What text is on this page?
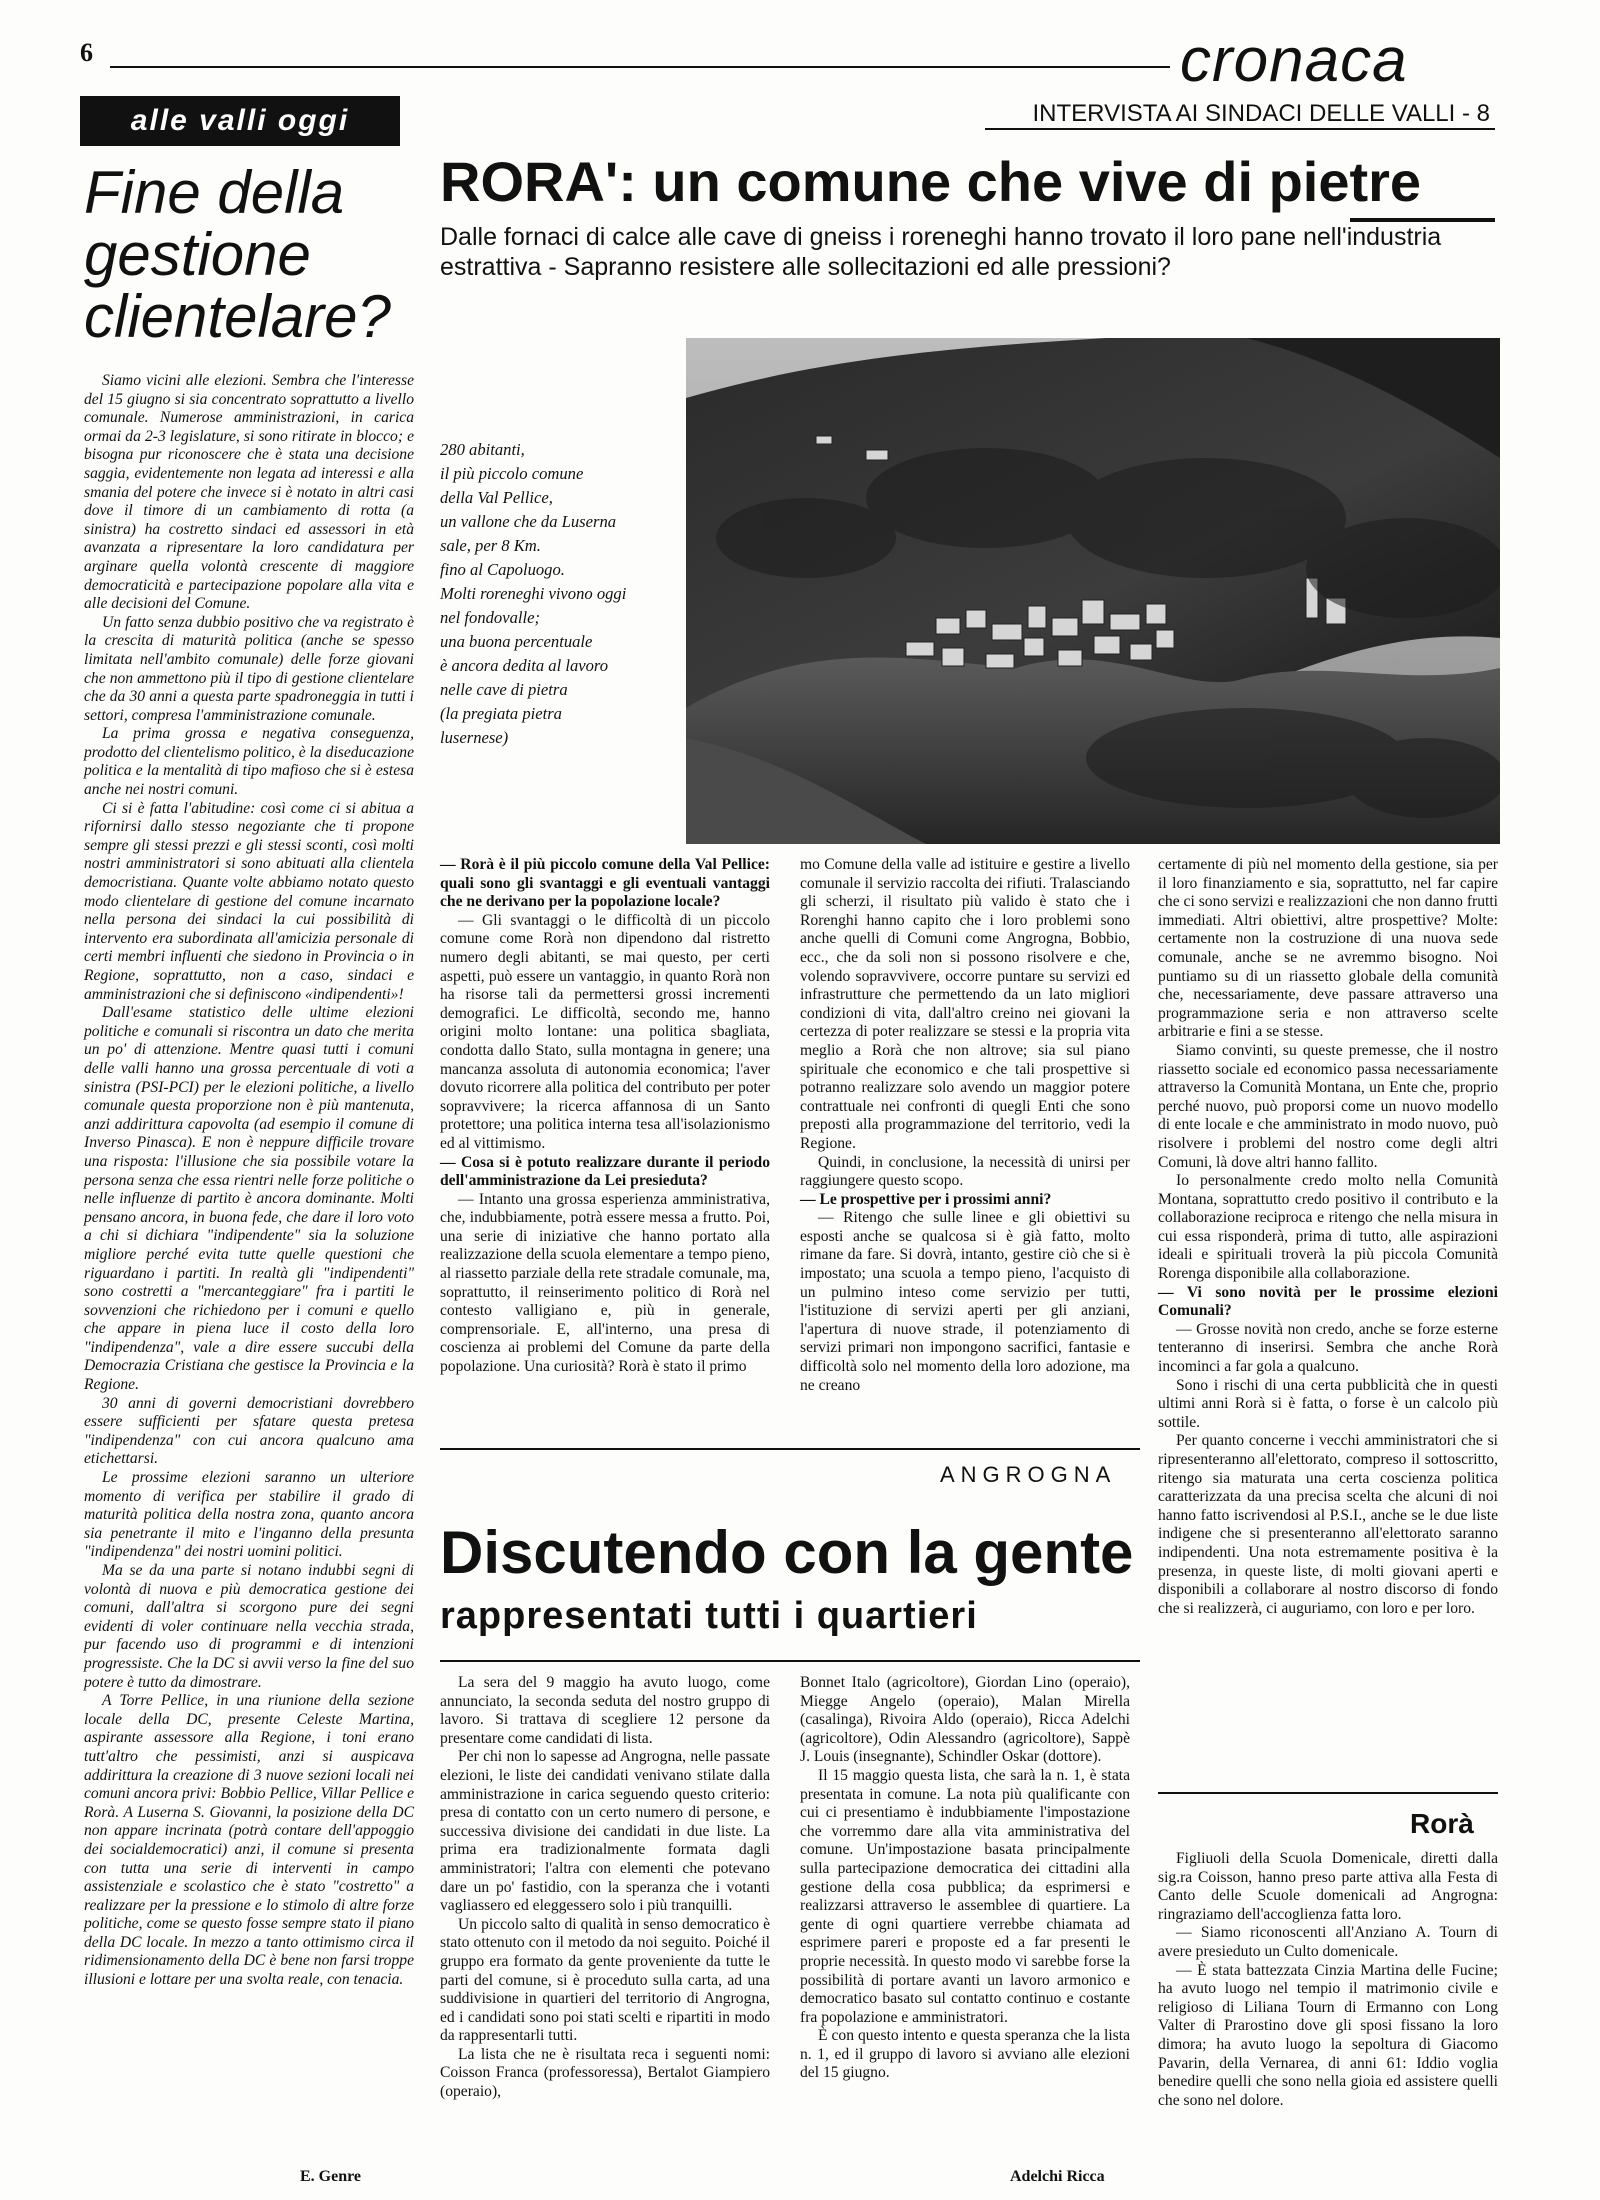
6	cronaca
INTERVISTA AI SINDACI DELLE VALLI - 8
alle valli oggi
Fine della gestione clientelare?

Siamo vicini alle elezioni. Sembra che l'interesse del 15 giugno si sia concentrato soprattutto a livello comunale. Numerose amministrazioni, in carica ormai da 2-3 legislature, si sono ritirate in blocco; e bisogna pur riconoscere che è stata una decisione saggia, evidentemente non legata ad interessi e alla smania del potere che invece si è notato in altri casi dove il timore di un cambiamento di rotta (a sinistra) ha costretto sindaci ed assessori in età avanzata a ripresentare la loro candidatura per arginare quella volontà crescente di maggiore democraticità e partecipazione popolare alla vita e alle decisioni del Comune.

Un fatto senza dubbio positivo che va registrato è la crescita di maturità politica (anche se spesso limitata nell'ambito comunale) delle forze giovani che non ammettono più il tipo di gestione clientelare che da 30 anni a questa parte spadroneggia in tutti i settori, compresa l'amministrazione comunale.

La prima grossa e negativa conseguenza, prodotto del clientelismo politico, è la diseducazione politica e la mentalità di tipo mafioso che si è estesa anche nei nostri comuni.

Ci si è fatta l'abitudine: così come ci si abitua a rifornirsi dallo stesso negoziante che ti propone sempre gli stessi prezzi e gli stessi sconti, così molti nostri amministratori si sono abituati alla clientela democristiana. Quante volte abbiamo notato questo modo clientelare di gestione del comune incarnato nella persona dei sindaci la cui possibilità di intervento era subordinata all'amicizia personale di certi membri influenti che siedono in Provincia o in Regione, soprattutto, non a caso, sindaci e amministrazioni che si definiscono «indipendenti»!

Dall'esame statistico delle ultime elezioni politiche e comunali si riscontra un dato che merita un po' di attenzione. Mentre quasi tutti i comuni delle valli hanno una grossa percentuale di voti a sinistra (PSI-PCI) per le elezioni politiche, a livello comunale questa proporzione non è più mantenuta, anzi addirittura capovolta (ad esempio il comune di Inverso Pinasca). E non è neppure difficile trovare una risposta: l'illusione che sia possibile votare la persona senza che essa rientri nelle forze politiche o nelle influenze di partito è ancora dominante. Molti pensano ancora, in buona fede, che dare il loro voto a chi si dichiara "indipendente" sia la soluzione migliore perché evita tutte quelle questioni che riguardano i partiti. In realtà gli "indipendenti" sono costretti a "mercanteggiare" fra i partiti le sovvenzioni che richiedono per i comuni e quello che appare in piena luce il costo della loro "indipendenza", vale a dire essere succubi della Democrazia Cristiana che gestisce la Provincia e la Regione.

30 anni di governi democristiani dovrebbero essere sufficienti per sfatare questa pretesa "indipendenza" con cui ancora qualcuno ama etichettarsi.

Le prossime elezioni saranno un ulteriore momento di verifica per stabilire il grado di maturità politica della nostra zona, quanto ancora sia penetrante il mito e l'inganno della presunta "indipendenza" dei nostri uomini politici.

Ma se da una parte si notano indubbi segni di volontà di nuova e più democratica gestione dei comuni, dall'altra si scorgono pure dei segni evidenti di voler continuare nella vecchia strada, pur facendo uso di programmi e di intenzioni progressiste. Che la DC si avvii verso la fine del suo potere è tutto da dimostrare.

A Torre Pellice, in una riunione della sezione locale della DC, presente Celeste Martina, aspirante assessore alla Regione, i toni erano tutt'altro che pessimisti, anzi si auspicava addirittura la creazione di 3 nuove sezioni locali nei comuni ancora privi: Bobbio Pellice, Villar Pellice e Rorà. A Luserna S. Giovanni, la posizione della DC non appare incrinata (potrà contare dell'appoggio dei socialdemocratici) anzi, il comune si presenta con tutta una serie di interventi in campo assistenziale e scolastico che è stato "costretto" a realizzare per la pressione e lo stimolo di altre forze politiche, come se questo fosse sempre stato il piano della DC locale. In mezzo a tanto ottimismo circa il ridimensionamento della DC è bene non farsi troppe illusioni e lottare per una svolta reale, con tenacia.

E. Genre
RORA': un comune che vive di pietre
Dalle fornaci di calce alle cave di gneiss i roreneghi hanno trovato il loro pane nell'industria estrattiva - Sapranno resistere alle sollecitazioni ed alle pressioni?
280 abitanti,
il più piccolo comune
della Val Pellice,
un vallone che da Luserna
sale, per 8 Km.
fino al Capoluogo.
Molti roreneghi vivono oggi
nel fondovalle;
una buona percentuale
è ancora dedita al lavoro
nelle cave di pietra
(la pregiata pietra
lusernese)

— Rorà è il più piccolo comune della Val Pellice: quali sono gli svantaggi e gli eventuali vantaggi che ne derivano per la popolazione locale?

— Gli svantaggi o le difficoltà di un piccolo comune come Rorà non dipendono dal ristretto numero degli abitanti, se mai questo, per certi aspetti, può essere un vantaggio, in quanto Rorà non ha risorse tali da permettersi grossi incrementi demografici. Le difficoltà, secondo me, hanno origini molto lontane: una politica sbagliata, condotta dallo Stato, sulla montagna in genere; una mancanza assoluta di autonomia economica; l'aver dovuto ricorrere alla politica del contributo per poter sopravvivere; la ricerca affannosa di un Santo protettore; una politica interna tesa all'isolazionismo ed al vittimismo.

— Cosa si è potuto realizzare durante il periodo dell'amministrazione da Lei presieduta?

— Intanto una grossa esperienza amministrativa, che, indubbiamente, potrà essere messa a frutto. Poi, una serie di iniziative che hanno portato alla realizzazione della scuola elementare a tempo pieno, al riassetto parziale della rete stradale comunale, ma, soprattutto, il reinserimento politico di Rorà nel contesto valligiano e, più in generale, comprensoriale. E, all'interno, una presa di coscienza ai problemi del Comune da parte della popolazione. Una curiosità? Rorà è stato il primo

mo Comune della valle ad istituire e gestire a livello comunale il servizio raccolta dei rifiuti. Tralasciando gli scherzi, il risultato più valido è stato che i Rorenghi hanno capito che i loro problemi sono anche quelli di Comuni come Angrogna, Bobbio, ecc., che da soli non si possono risolvere e che, volendo sopravvivere, occorre puntare su servizi ed infrastrutture che permettendo da un lato migliori condizioni di vita, dall'altro creino nei giovani la certezza di poter realizzare se stessi e la propria vita meglio a Rorà che non altrove; sia sul piano spirituale che economico e che tali prospettive si potranno realizzare solo avendo un maggior potere contrattuale nei confronti di quegli Enti che sono preposti alla programmazione del territorio, vedi la Regione.

Quindi, in conclusione, la necessità di unirsi per raggiungere questo scopo.

— Le prospettive per i prossimi anni?

— Ritengo che sulle linee e gli obiettivi su esposti anche se qualcosa si è già fatto, molto rimane da fare. Si dovrà, intanto, gestire ciò che si è impostato; una scuola a tempo pieno, l'acquisto di un pulmino inteso come servizio per tutti, l'istituzione di servizi aperti per gli anziani, l'apertura di nuove strade, il potenziamento di servizi primari non impongono sacrifici, fantasie e difficoltà solo nel momento della loro adozione, ma ne creano

certamente di più nel momento della gestione, sia per il loro finanziamento e sia, soprattutto, nel far capire che ci sono servizi e realizzazioni che non danno frutti immediati. Altri obiettivi, altre prospettive? Molte: certamente non la costruzione di una nuova sede comunale, anche se ne avremmo bisogno. Noi puntiamo su di un riassetto globale della comunità che, necessariamente, deve passare attraverso una programmazione seria e non attraverso scelte arbitrarie e fini a se stesse.

Siamo convinti, su queste premesse, che il nostro riassetto sociale ed economico passa necessariamente attraverso la Comunità Montana, un Ente che, proprio perché nuovo, può proporsi come un nuovo modello di ente locale e che amministrato in modo nuovo, può risolvere i problemi del nostro come degli altri Comuni, là dove altri hanno fallito.

Io personalmente credo molto nella Comunità Montana, soprattutto credo positivo il contributo e la collaborazione reciproca e ritengo che nella misura in cui essa risponderà, prima di tutto, alle aspirazioni ideali e spirituali troverà la più piccola Comunità Rorenga disponibile alla collaborazione.

— Vi sono novità per le prossime elezioni Comunali?

— Grosse novità non credo, anche se forze esterne tenteranno di inserirsi. Sembra che anche Rorà incominci a far gola a qualcuno.

Sono i rischi di una certa pubblicità che in questi ultimi anni Rorà si è fatta, o forse è un calcolo più sottile.

Per quanto concerne i vecchi amministratori che si ripresenteranno all'elettorato, compreso il sottoscritto, ritengo sia maturata una certa coscienza politica caratterizzata da una precisa scelta che alcuni di noi hanno fatto iscrivendosi al P.S.I., anche se le due liste indigene che si presenteranno all'elettorato saranno indipendenti. Una nota estremamente positiva è la presenza, in queste liste, di molti giovani aperti e disponibili a collaborare al nostro discorso di fondo che si realizzerà, ci auguriamo, con loro e per loro.

ANGROGNA
Discutendo con la gente
rappresentati tutti i quartieri

La sera del 9 maggio ha avuto luogo, come annunciato, la seconda seduta del nostro gruppo di lavoro. Si trattava di scegliere 12 persone da presentare come candidati di lista.

Per chi non lo sapesse ad Angrogna, nelle passate elezioni, le liste dei candidati venivano stilate dalla amministrazione in carica seguendo questo criterio: presa di contatto con un certo numero di persone, e successiva divisione dei candidati in due liste. La prima era tradizionalmente formata dagli amministratori; l'altra con elementi che potevano dare un po' fastidio, con la speranza che i votanti vagliassero ed eleggessero solo i più tranquilli.

Un piccolo salto di qualità in senso democratico è stato ottenuto con il metodo da noi seguito. Poiché il gruppo era formato da gente proveniente da tutte le parti del comune, si è proceduto sulla carta, ad una suddivisione in quartieri del territorio di Angrogna, ed i candidati sono poi stati scelti e ripartiti in modo da rappresentarli tutti.

La lista che ne è risultata reca i seguenti nomi: Coisson Franca (professoressa), Bertalot Giampiero (operaio),

Bonnet Italo (agricoltore), Giordan Lino (operaio), Miegge Angelo (operaio), Malan Mirella (casalinga), Rivoira Aldo (operaio), Ricca Adelchi (agricoltore), Odin Alessandro (agricoltore), Sappè J. Louis (insegnante), Schindler Oskar (dottore).

Il 15 maggio questa lista, che sarà la n. 1, è stata presentata in comune. La nota più qualificante con cui ci presentiamo è indubbiamente l'impostazione che vorremmo dare alla vita amministrativa del comune. Un'impostazione basata principalmente sulla partecipazione democratica dei cittadini alla gestione della cosa pubblica; da esprimersi e realizzarsi attraverso le assemblee di quartiere. La gente di ogni quartiere verrebbe chiamata ad esprimere pareri e proposte ed a far presenti le proprie necessità. In questo modo vi sarebbe forse la possibilità di portare avanti un lavoro armonico e democratico basato sul contatto continuo e costante fra popolazione e amministratori.

È con questo intento e questa speranza che la lista n. 1, ed il gruppo di lavoro si avviano alle elezioni del 15 giugno.

Adelchi Ricca
Rorà

Figliuoli della Scuola Domenicale, diretti dalla sig.ra Coisson, hanno preso parte attiva alla Festa di Canto delle Scuole domenicali ad Angrogna: ringraziamo dell'accoglienza fatta loro.

— Siamo riconoscenti all'Anziano A. Tourn di avere presieduto un Culto domenicale.

— È stata battezzata Cinzia Martina delle Fucine; ha avuto luogo nel tempio il matrimonio civile e religioso di Liliana Tourn di Ermanno con Long Valter di Prarostino dove gli sposi fissano la loro dimora; ha avuto luogo la sepoltura di Giacomo Pavarin, della Vernarea, di anni 61: Iddio voglia benedire quelli che sono nella gioia ed assistere quelli che sono nel dolore.
